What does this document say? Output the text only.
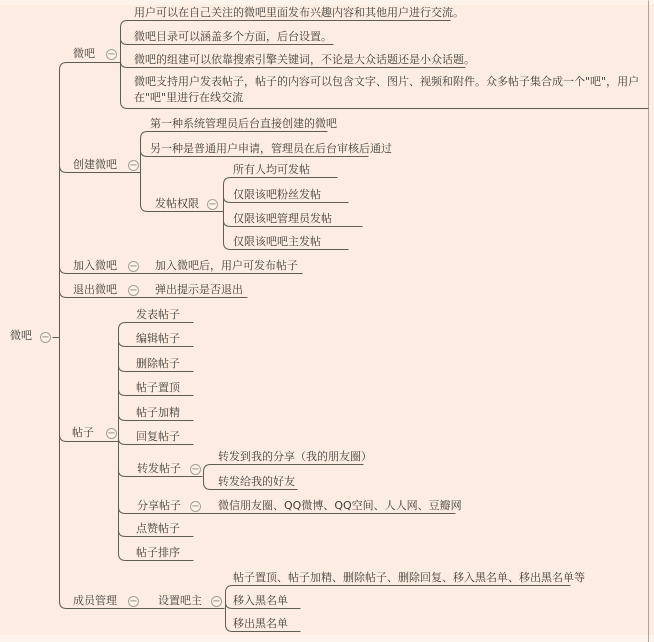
微吧 −
微吧 −
用户可以在自己关注的微吧里面发布兴趣内容和其他用户进行交流。
微吧目录可以涵盖多个方面，后台设置。
微吧的组建可以依靠搜索引擎关键词，不论是大众话题还是小众话题。
微吧支持用户发表帖子，帖子的内容可以包含文字、图片、视频和附件。众多帖子集合成一个"吧"，用户在"吧"里进行在线交流
创建微吧 −
第一种系统管理员后台直接创建的微吧
另一种是普通用户申请，管理员在后台审核后通过
发帖权限 −
所有人均可发帖
仅限该吧粉丝发帖
仅限该吧管理员发帖
仅限该吧吧主发帖
加入微吧 − 加入微吧后，用户可发布帖子
退出微吧 − 弹出提示是否退出
帖子 −
发表帖子
编辑帖子
删除帖子
帖子置顶
帖子加精
回复帖子
转发帖子 −
转发到我的分享（我的朋友圈）
转发给我的好友
分享帖子 − 微信朋友圈、QQ微博、QQ空间、人人网、豆瓣网
点赞帖子
帖子排序
成员管理 − 设置吧主 −
帖子置顶、帖子加精、删除帖子、删除回复、移入黑名单、移出黑名单等
移入黑名单
移出黑名单
